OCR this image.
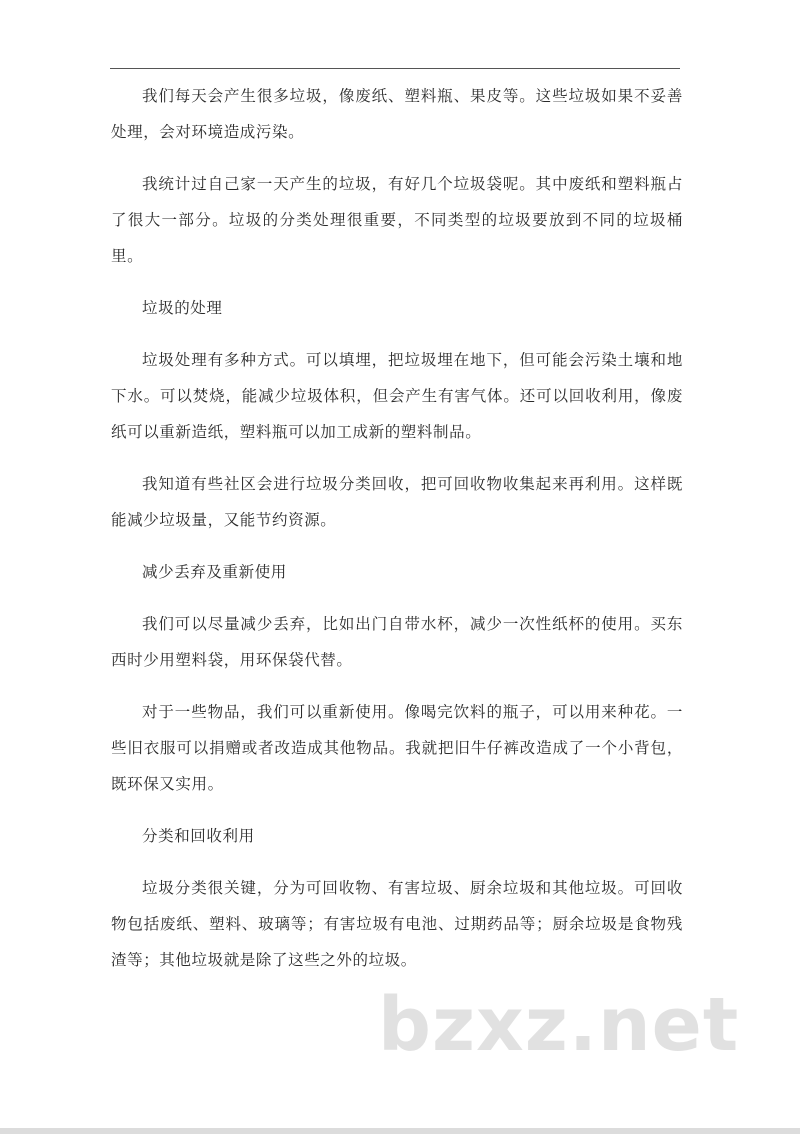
我们每天会产生很多垃圾，像废纸、塑料瓶、果皮等。这些垃圾如果不妥善处理，会对环境造成污染。

我统计过自己家一天产生的垃圾，有好几个垃圾袋呢。其中废纸和塑料瓶占了很大一部分。垃圾的分类处理很重要，不同类型的垃圾要放到不同的垃圾桶里。

垃圾的处理

垃圾处理有多种方式。可以填埋，把垃圾埋在地下，但可能会污染土壤和地下水。可以焚烧，能减少垃圾体积，但会产生有害气体。还可以回收利用，像废纸可以重新造纸，塑料瓶可以加工成新的塑料制品。

我知道有些社区会进行垃圾分类回收，把可回收物收集起来再利用。这样既能减少垃圾量，又能节约资源。

减少丢弃及重新使用

我们可以尽量减少丢弃，比如出门自带水杯，减少一次性纸杯的使用。买东西时少用塑料袋，用环保袋代替。

对于一些物品，我们可以重新使用。像喝完饮料的瓶子，可以用来种花。一些旧衣服可以捐赠或者改造成其他物品。我就把旧牛仔裤改造成了一个小背包，既环保又实用。

分类和回收利用

垃圾分类很关键，分为可回收物、有害垃圾、厨余垃圾和其他垃圾。可回收物包括废纸、塑料、玻璃等；有害垃圾有电池、过期药品等；厨余垃圾是食物残渣等；其他垃圾就是除了这些之外的垃圾。

bzxz.net
